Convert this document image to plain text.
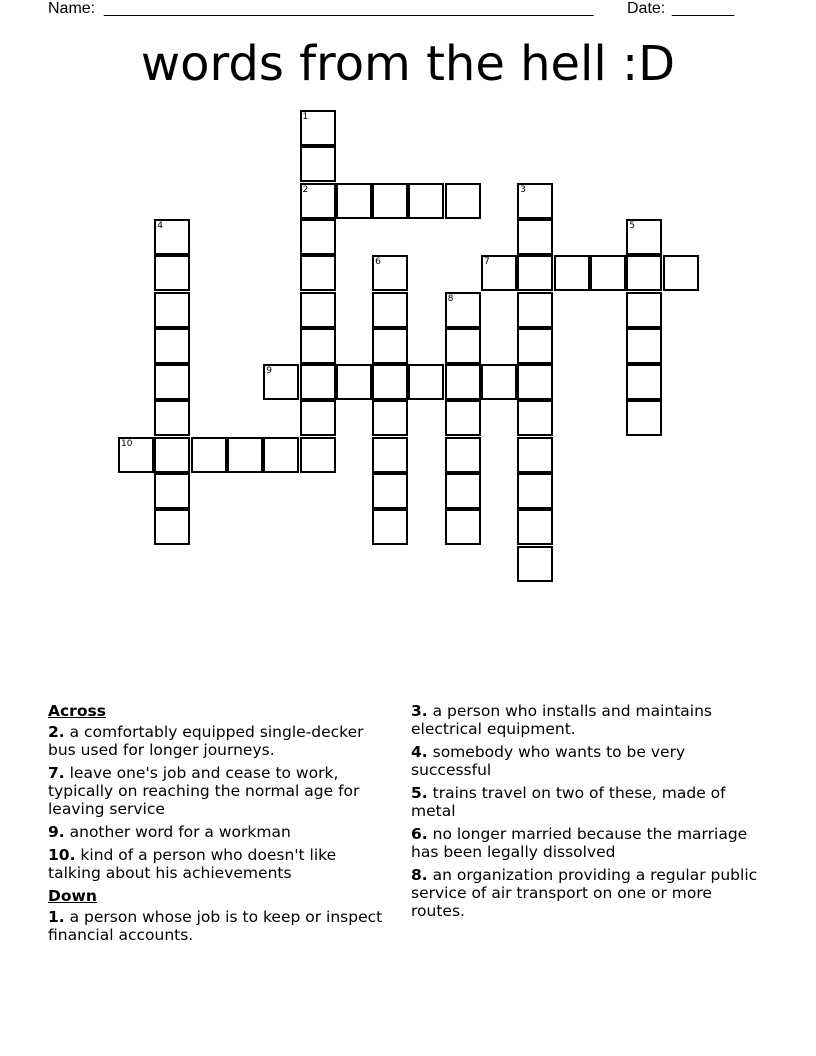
Name: _______________________________________________________ Date: _______
words from the hell :D
1
2	3
4	5
6	7
8
9
10
Across
2. a comfortably equipped single-decker bus used for longer journeys.
7. leave one's job and cease to work, typically on reaching the normal age for leaving service
9. another word for a workman
10. kind of a person who doesn't like talking about his achievements
Down
1. a person whose job is to keep or inspect financial accounts.
3. a person who installs and maintains electrical equipment.
4. somebody who wants to be very successful
5. trains travel on two of these, made of metal
6. no longer married because the marriage has been legally dissolved
8. an organization providing a regular public service of air transport on one or more routes.
